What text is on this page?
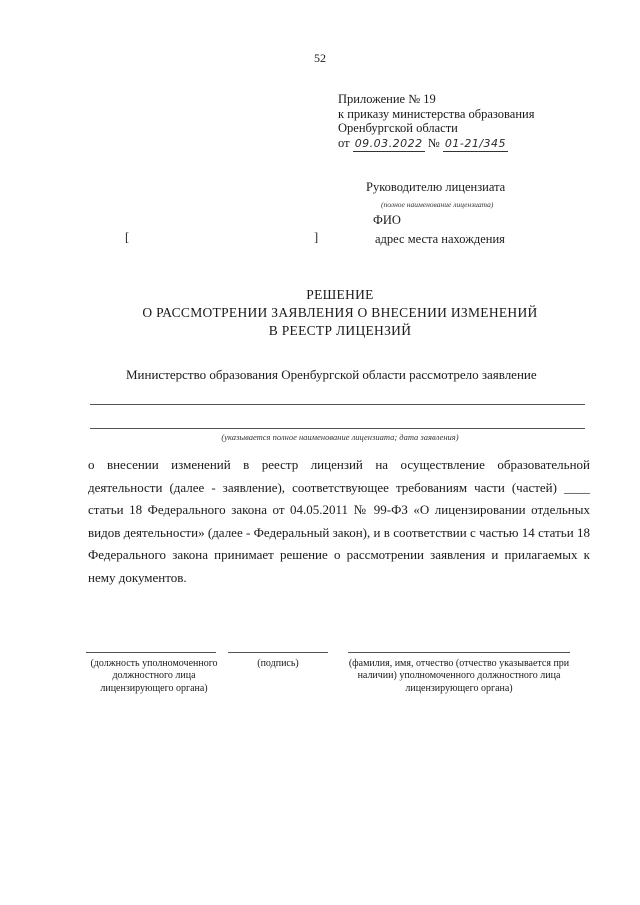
52
Приложение № 19
к приказу министерства образования
Оренбургской области
от 09.03.2022 № 01-21/345
Руководителю лицензиата
(полное наименование лицензиата)
ФИО
[	]	адрес места нахождения
РЕШЕНИЕ
О РАССМОТРЕНИИ ЗАЯВЛЕНИЯ О ВНЕСЕНИИ ИЗМЕНЕНИЙ
В РЕЕСТР ЛИЦЕНЗИЙ
Министерство образования Оренбургской области рассмотрело заявление
(указывается полное наименование лицензиата; дата заявления)
о внесении изменений в реестр лицензий на осуществление образовательной деятельности (далее - заявление), соответствующее требованиям части (частей) ____ статьи 18 Федерального закона от 04.05.2011 № 99-ФЗ «О лицензировании отдельных видов деятельности» (далее - Федеральный закон), и в соответствии с частью 14 статьи 18 Федерального закона принимает решение о рассмотрении заявления и прилагаемых к нему документов.
(должность уполномоченного должностного лица лицензирующего органа)
(подпись)	(фамилия, имя, отчество (отчество указывается при наличии) уполномоченного должностного лица лицензирующего органа)
